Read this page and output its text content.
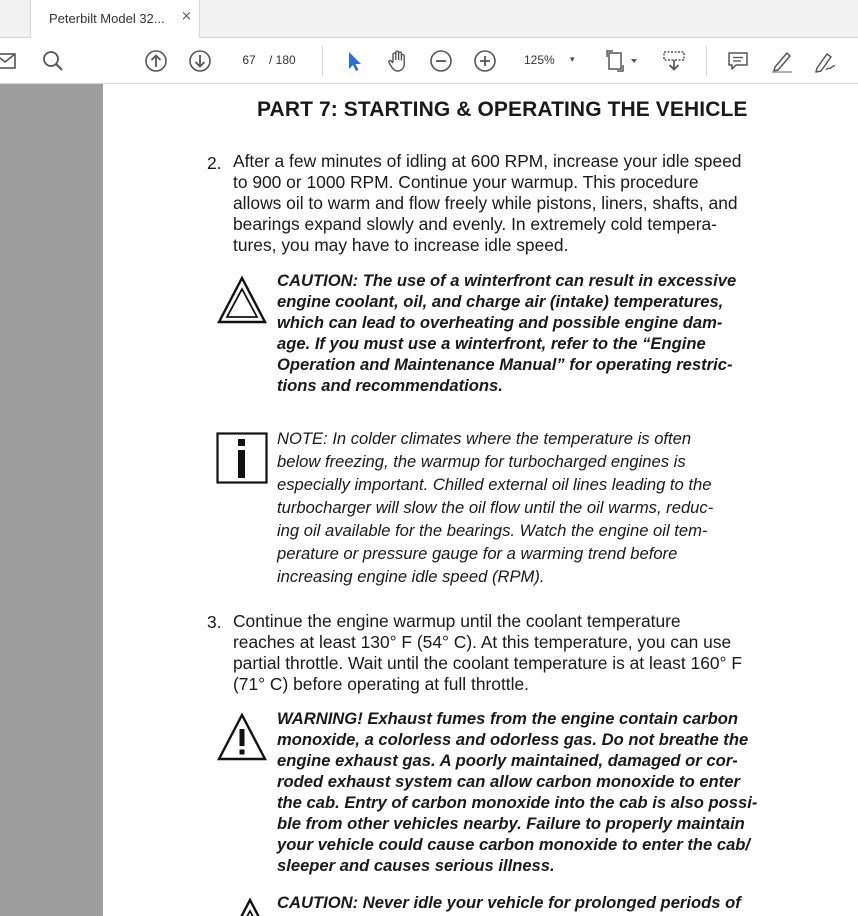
Peterbilt Model 32... ×
67	/ 180	125% ▾
PART 7: STARTING & OPERATING THE VEHICLE
2. After a few minutes of idling at 600 RPM, increase your idle speed
to 900 or 1000 RPM. Continue your warmup. This procedure
allows oil to warm and flow freely while pistons, liners, shafts, and
bearings expand slowly and evenly. In extremely cold tempera-
tures, you may have to increase idle speed.
CAUTION: The use of a winterfront can result in excessive
engine coolant, oil, and charge air (intake) temperatures,
which can lead to overheating and possible engine dam-
age. If you must use a winterfront, refer to the “Engine
Operation and Maintenance Manual” for operating restric-
tions and recommendations.
NOTE: In colder climates where the temperature is often
below freezing, the warmup for turbocharged engines is
especially important. Chilled external oil lines leading to the
turbocharger will slow the oil flow until the oil warms, reduc-
ing oil available for the bearings. Watch the engine oil tem-
perature or pressure gauge for a warming trend before
increasing engine idle speed (RPM).
3. Continue the engine warmup until the coolant temperature
reaches at least 130° F (54° C). At this temperature, you can use
partial throttle. Wait until the coolant temperature is at least 160° F
(71° C) before operating at full throttle.
WARNING! Exhaust fumes from the engine contain carbon
monoxide, a colorless and odorless gas. Do not breathe the
engine exhaust gas. A poorly maintained, damaged or cor-
roded exhaust system can allow carbon monoxide to enter
the cab. Entry of carbon monoxide into the cab is also possi-
ble from other vehicles nearby. Failure to properly maintain
your vehicle could cause carbon monoxide to enter the cab/
sleeper and causes serious illness.
CAUTION: Never idle your vehicle for prolonged periods of
